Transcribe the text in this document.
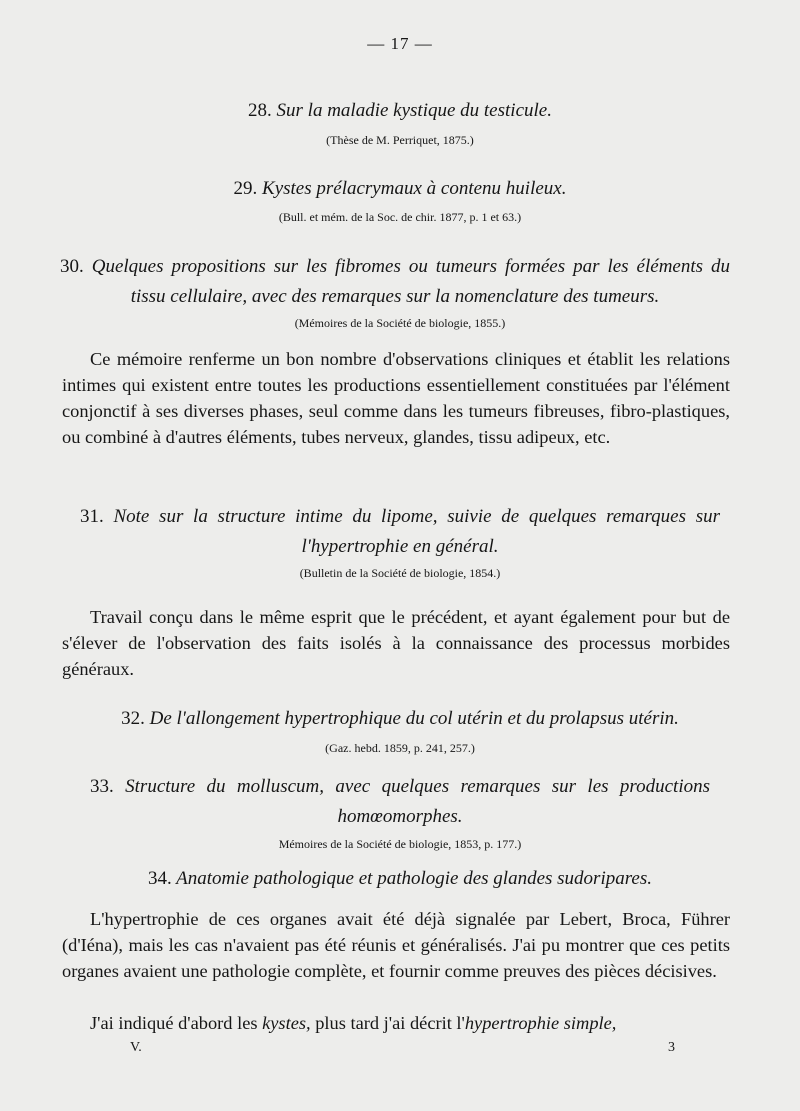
— 17 —
28. Sur la maladie kystique du testicule.
(Thèse de M. Perriquet, 1875.)
29. Kystes prélacrymaux à contenu huileux.
(Bull. et mém. de la Soc. de chir. 1877, p. 1 et 63.)
30. Quelques propositions sur les fibromes ou tumeurs formées par les éléments du tissu cellulaire, avec des remarques sur la nomenclature des tumeurs.
(Mémoires de la Société de biologie, 1855.)
Ce mémoire renferme un bon nombre d'observations cliniques et établit les relations intimes qui existent entre toutes les productions essentiellement constituées par l'élément conjonctif à ses diverses phases, seul comme dans les tumeurs fibreuses, fibro-plastiques, ou combiné à d'autres éléments, tubes nerveux, glandes, tissu adipeux, etc.
31. Note sur la structure intime du lipome, suivie de quelques remarques sur l'hypertrophie en général.
(Bulletin de la Société de biologie, 1854.)
Travail conçu dans le même esprit que le précédent, et ayant également pour but de s'élever de l'observation des faits isolés à la connaissance des processus morbides généraux.
32. De l'allongement hypertrophique du col utérin et du prolapsus utérin.
(Gaz. hebd. 1859, p. 241, 257.)
33. Structure du molluscum, avec quelques remarques sur les productions homœomorphes.
Mémoires de la Société de biologie, 1853, p. 177.)
34. Anatomie pathologique et pathologie des glandes sudoripares.
L'hypertrophie de ces organes avait été déjà signalée par Lebert, Broca, Führer (d'Iéna), mais les cas n'avaient pas été réunis et généralisés. J'ai pu montrer que ces petits organes avaient une pathologie complète, et fournir comme preuves des pièces décisives.
J'ai indiqué d'abord les kystes, plus tard j'ai décrit l'hypertrophie simple,
V.	3
